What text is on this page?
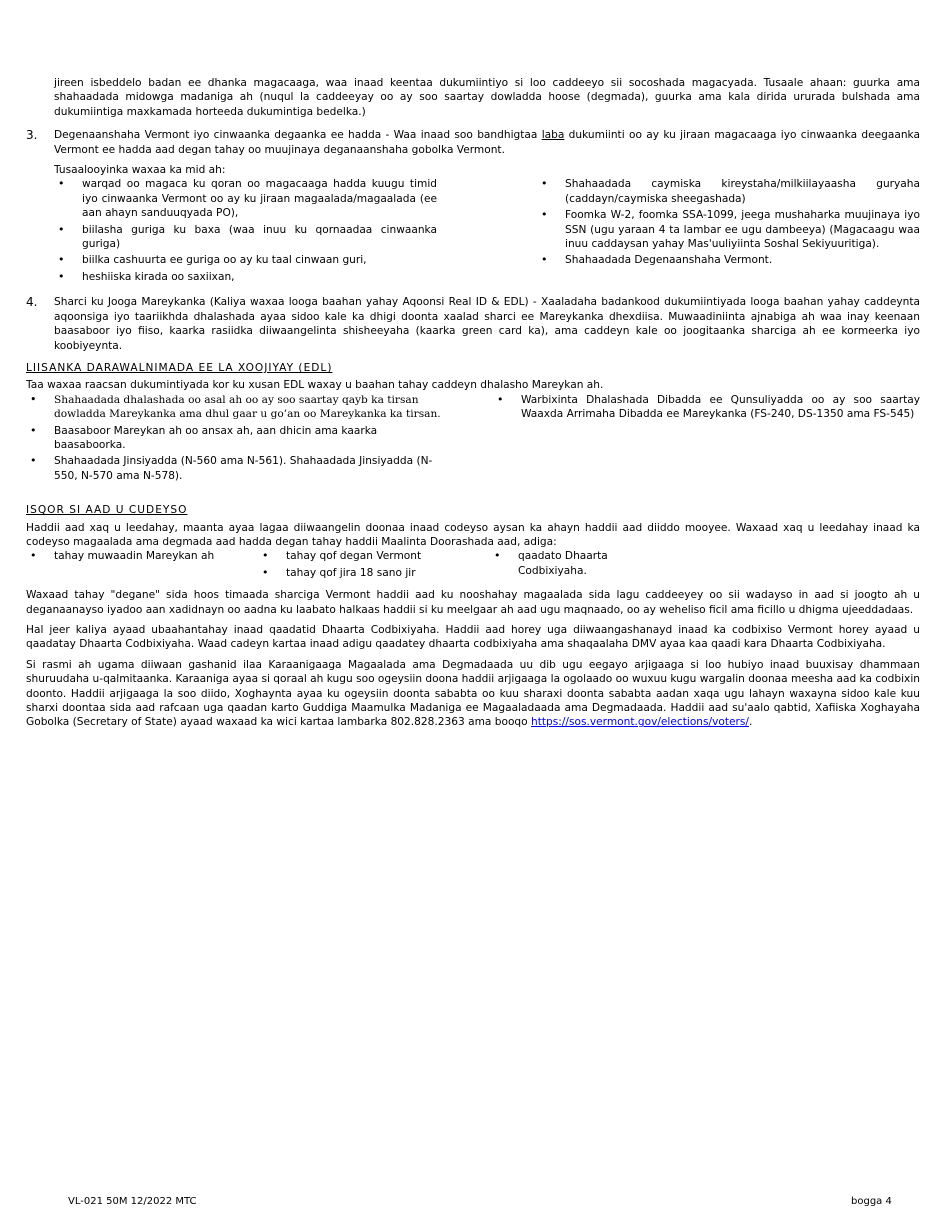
jireen isbeddelo badan ee dhanka magacaaga, waa inaad keentaa dukumiintiyo si loo caddeeyo sii socoshada magacyada. Tusaale ahaan: guurka ama shahaadada midowga madaniga ah (nuqul la caddeeyay oo ay soo saartay dowladda hoose (degmada), guurka ama kala dirida ururada bulshada ama dukumiintiga maxkamada horteeda dukumintiga bedelka.)

3.	Degenaanshaha Vermont iyo cinwaanka degaanka ee hadda - Waa inaad soo bandhigtaa laba dukumiinti oo ay ku jiraan magacaaga iyo cinwaanka deegaanka Vermont ee hadda aad degan tahay oo muujinaya deganaanshaha gobolka Vermont.

Tusaalooyinka waxaa ka mid ah:

• warqad oo magaca ku qoran oo magacaaga hadda kuugu timid iyo cinwaanka Vermont oo ay ku jiraan magaalada/magaalada (ee aan ahayn sanduuqyada PO),
• biilasha guriga ku baxa (waa inuu ku qornaadaa cinwaanka guriga)
• biilka cashuurta ee guriga oo ay ku taal cinwaan guri,
• heshiiska kirada oo saxiixan,
• Shahaadada caymiska kireystaha/milkiilayaasha guryaha (caddayn/caymiska sheegashada)
• Foomka W-2, foomka SSA-1099, jeega mushaharka muujinaya iyo SSN (ugu yaraan 4 ta lambar ee ugu dambeeya) (Magacaagu waa inuu caddaysan yahay Mas'uuliyiinta Soshal Sekiyuuritiga).
• Shahaadada Degenaanshaha Vermont.
4.	Sharci ku Jooga Mareykanka (Kaliya waxaa looga baahan yahay Aqoonsi Real ID & EDL) - Xaaladaha badankood dukumiintiyada looga baahan yahay caddeynta aqoonsiga iyo taariikhda dhalashada ayaa sidoo kale ka dhigi doonta xaalad sharci ee Mareykanka dhexdiisa. Muwaadiniinta ajnabiga ah waa inay keenaan baasaboor iyo fiiso, kaarka rasiidka diiwaangelinta shisheeyaha (kaarka green card ka), ama caddeyn kale oo joogitaanka sharciga ah ee kormeerka iyo koobiyeynta.

LIISANKA DARAWALNIMADA EE LA XOOJIYAY (EDL)

Taa waxaa raacsan dukumintiyada kor ku xusan EDL waxay u baahan tahay caddeyn dhalasho Mareykan ah.

• Shahaadada dhalashada oo asal ah oo ay soo saartay qayb ka tirsan dowladda Mareykanka ama dhul gaar u go’an oo Mareykanka ka tirsan.
• Baasaboor Mareykan ah oo ansax ah, aan dhicin ama kaarka baasaboorka.
• Shahaadada Jinsiyadda (N-560 ama N-561). Shahaadada Jinsiyadda (N-550, N-570 ama N-578).
• Warbixinta Dhalashada Dibadda ee Qunsuliyadda oo ay soo saartay Waaxda Arrimaha Dibadda ee Mareykanka (FS-240, DS-1350 ama FS-545)
ISQOR SI AAD U CUDEYSO

Haddii aad xaq u leedahay, maanta ayaa lagaa diiwaangelin doonaa inaad codeyso aysan ka ahayn haddii aad diiddo mooyee. Waxaad xaq u leedahay inaad ka codeyso magaalada ama degmada aad hadda degan tahay haddii Maalinta Doorashada aad, adiga:

• tahay muwaadin Mareykan ah
•	tahay qof degan Vermont
• tahay qof jira 18 sano jir
• qaadato Dhaarta Codbixiyaha.

Waxaad tahay "degane" sida hoos timaada sharciga Vermont haddii aad ku nooshahay magaalada sida lagu caddeeyey oo sii wadayso in aad si joogto ah u deganaanayso iyadoo aan xadidnayn oo aadna ku laabato halkaas haddii si ku meelgaar ah aad ugu maqnaado, oo ay weheliso ficil ama ficillo u dhigma ujeeddadaas.

Hal jeer kaliya ayaad ubaahantahay inaad qaadatid Dhaarta Codbixiyaha. Haddii aad horey uga diiwaangashanayd inaad ka codbixiso Vermont horey ayaad u qaadatay Dhaarta Codbixiyaha. Waad cadeyn kartaa inaad adigu qaadatey dhaarta codbixiyaha ama shaqaalaha DMV ayaa kaa qaadi kara Dhaarta Codbixiyaha.

Si rasmi ah ugama diiwaan gashanid ilaa Karaanigaaga Magaalada ama Degmadaada uu dib ugu eegayo arjigaaga si loo hubiyo inaad buuxisay dhammaan shuruudaha u-qalmitaanka. Karaaniga ayaa si qoraal ah kugu soo ogeysiin doona haddii arjigaaga la ogolaado oo wuxuu kugu wargalin doonaa meesha aad ka codbixin doonto. Haddii arjigaaga la soo diido, Xoghaynta ayaa ku ogeysiin doonta sababta oo kuu sharaxi doonta sababta aadan xaqa ugu lahayn waxayna sidoo kale kuu sharxi doontaa sida aad rafcaan uga qaadan karto Guddiga Maamulka Madaniga ee Magaaladaada ama Degmadaada. Haddii aad su'aalo qabtid, Xafiiska Xoghayaha Gobolka (Secretary of State) ayaad waxaad ka wici kartaa lambarka 802.828.2363 ama booqo https://sos.vermont.gov/elections/voters/.

VL-021 50M 12/2022 MTC	bogga 4
